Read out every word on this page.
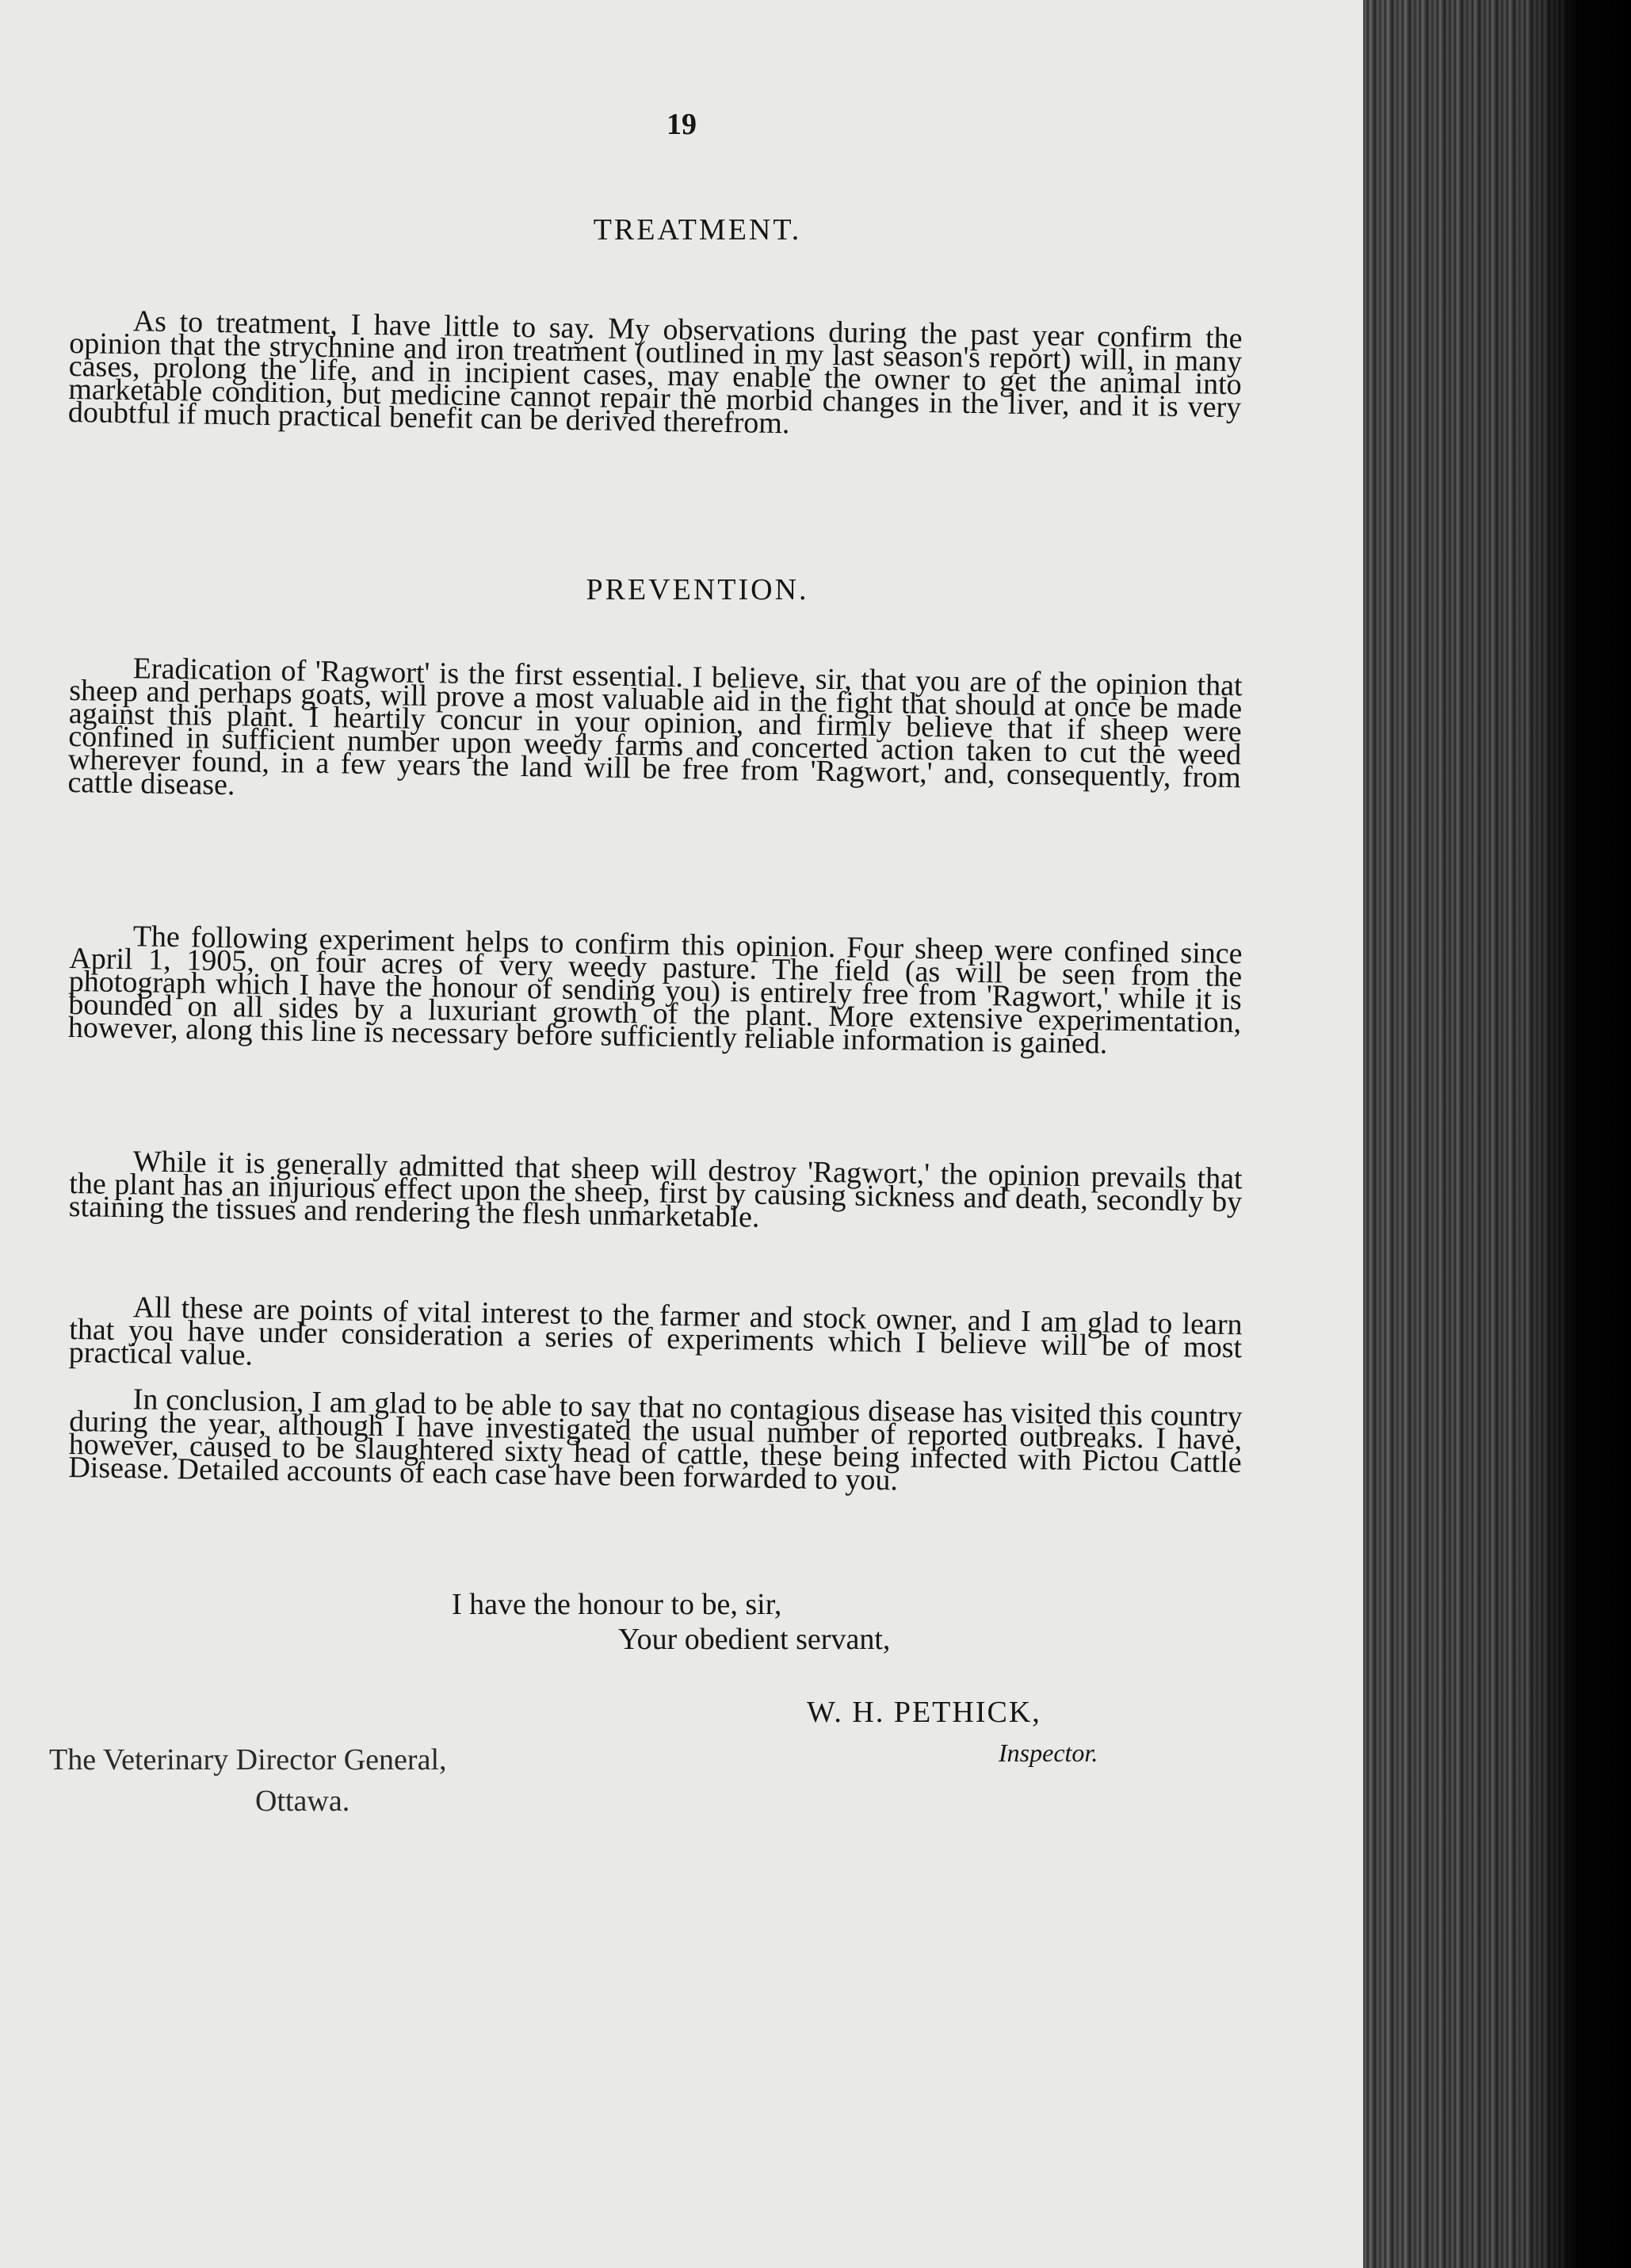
19
TREATMENT.

As to treatment, I have little to say. My observations during the past year confirm the opinion that the strychnine and iron treatment (outlined in my last season's report) will, in many cases, prolong the life, and in incipient cases, may enable the owner to get the animal into marketable condition, but medicine cannot repair the morbid changes in the liver, and it is very doubtful if much practical benefit can be derived therefrom.

PREVENTION.

Eradication of 'Ragwort' is the first essential. I believe, sir, that you are of the opinion that sheep and perhaps goats, will prove a most valuable aid in the fight that should at once be made against this plant. I heartily concur in your opinion, and firmly believe that if sheep were confined in sufficient number upon weedy farms and concerted action taken to cut the weed wherever found, in a few years the land will be free from 'Ragwort,' and, consequently, from cattle disease.

The following experiment helps to confirm this opinion. Four sheep were confined since April 1, 1905, on four acres of very weedy pasture. The field (as will be seen from the photograph which I have the honour of sending you) is entirely free from 'Ragwort,' while it is bounded on all sides by a luxuriant growth of the plant. More extensive experimentation, however, along this line is necessary before sufficiently reliable information is gained.

While it is generally admitted that sheep will destroy 'Ragwort,' the opinion prevails that the plant has an injurious effect upon the sheep, first by causing sickness and death, secondly by staining the tissues and rendering the flesh unmarketable.

All these are points of vital interest to the farmer and stock owner, and I am glad to learn that you have under consideration a series of experiments which I believe will be of most practical value.

In conclusion, I am glad to be able to say that no contagious disease has visited this country during the year, although I have investigated the usual number of reported outbreaks. I have, however, caused to be slaughtered sixty head of cattle, these being infected with Pictou Cattle Disease. Detailed accounts of each case have been forwarded to you.

I have the honour to be, sir,
Your obedient servant,
W. H. PETHICK,
Inspector.
The Veterinary Director General,
Ottawa.
